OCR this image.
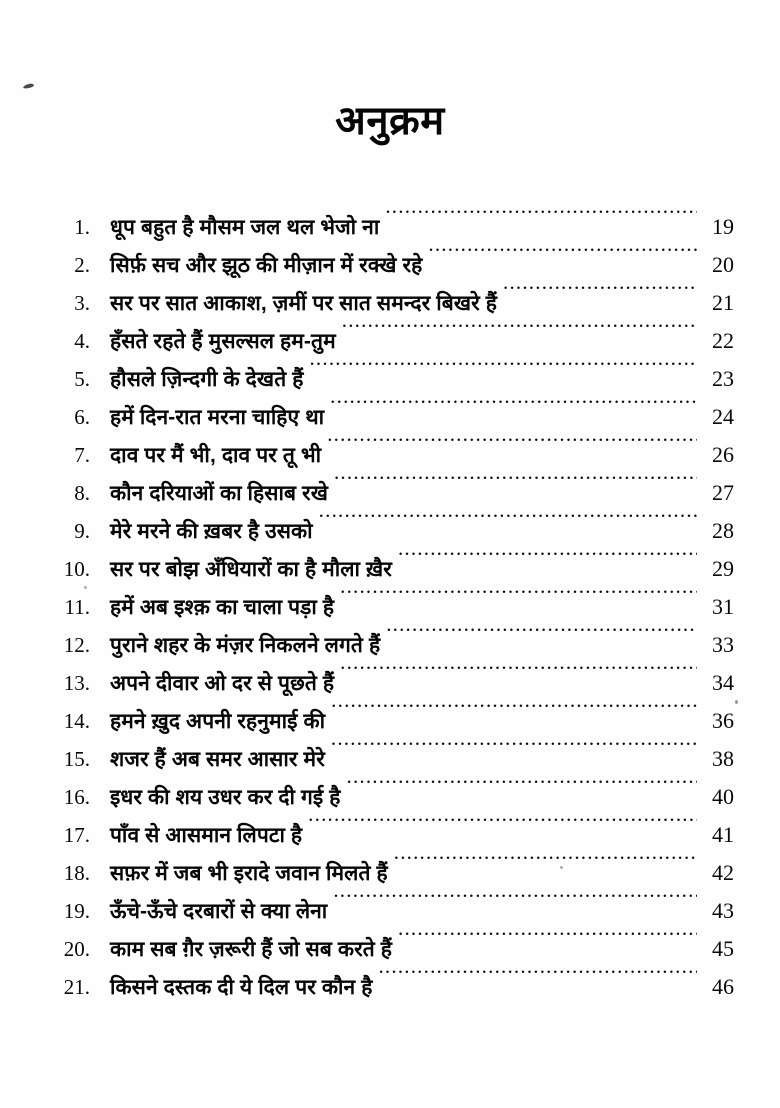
अनुक्रम
1. धूप बहुत है मौसम जल थल भेजो ना .....	19
2. सिर्फ़ सच और झूठ की मीज़ान में रक्खे रहे .....	20
3. सर पर सात आकाश, ज़मीं पर सात समन्दर बिखरे हैं .....	21
4. हँसते रहते हैं मुसल्सल हम-तुम .....	22
5. हौसले ज़िन्दगी के देखते हैं .....	23
6. हमें दिन-रात मरना चाहिए था .....	24
7. दाव पर मैं भी, दाव पर तू भी .....	26
8. कौन दरियाओं का हिसाब रखे .....	27
9. मेरे मरने की ख़बर है उसको .....	28
10. सर पर बोझ अँधियारों का है मौला ख़ैर .....	29
11. हमें अब इश्क़ का चाला पड़ा है .....	31
12. पुराने शहर के मंज़र निकलने लगते हैं .....	33
13. अपने दीवार ओ दर से पूछते हैं .....	34
14. हमने ख़ुद अपनी रहनुमाई की .....	36
15. शजर हैं अब समर आसार मेरे .....	38
16. इधर की शय उधर कर दी गई है .....	40
17. पाँव से आसमान लिपटा है .....	41
18. सफ़र में जब भी इरादे जवान मिलते हैं .....	42
19. ऊँचे-ऊँचे दरबारों से क्या लेना .....	43
20. काम सब ग़ैर ज़रूरी हैं जो सब करते हैं .....	45
21. किसने दस्तक दी ये दिल पर कौन है .....	46
